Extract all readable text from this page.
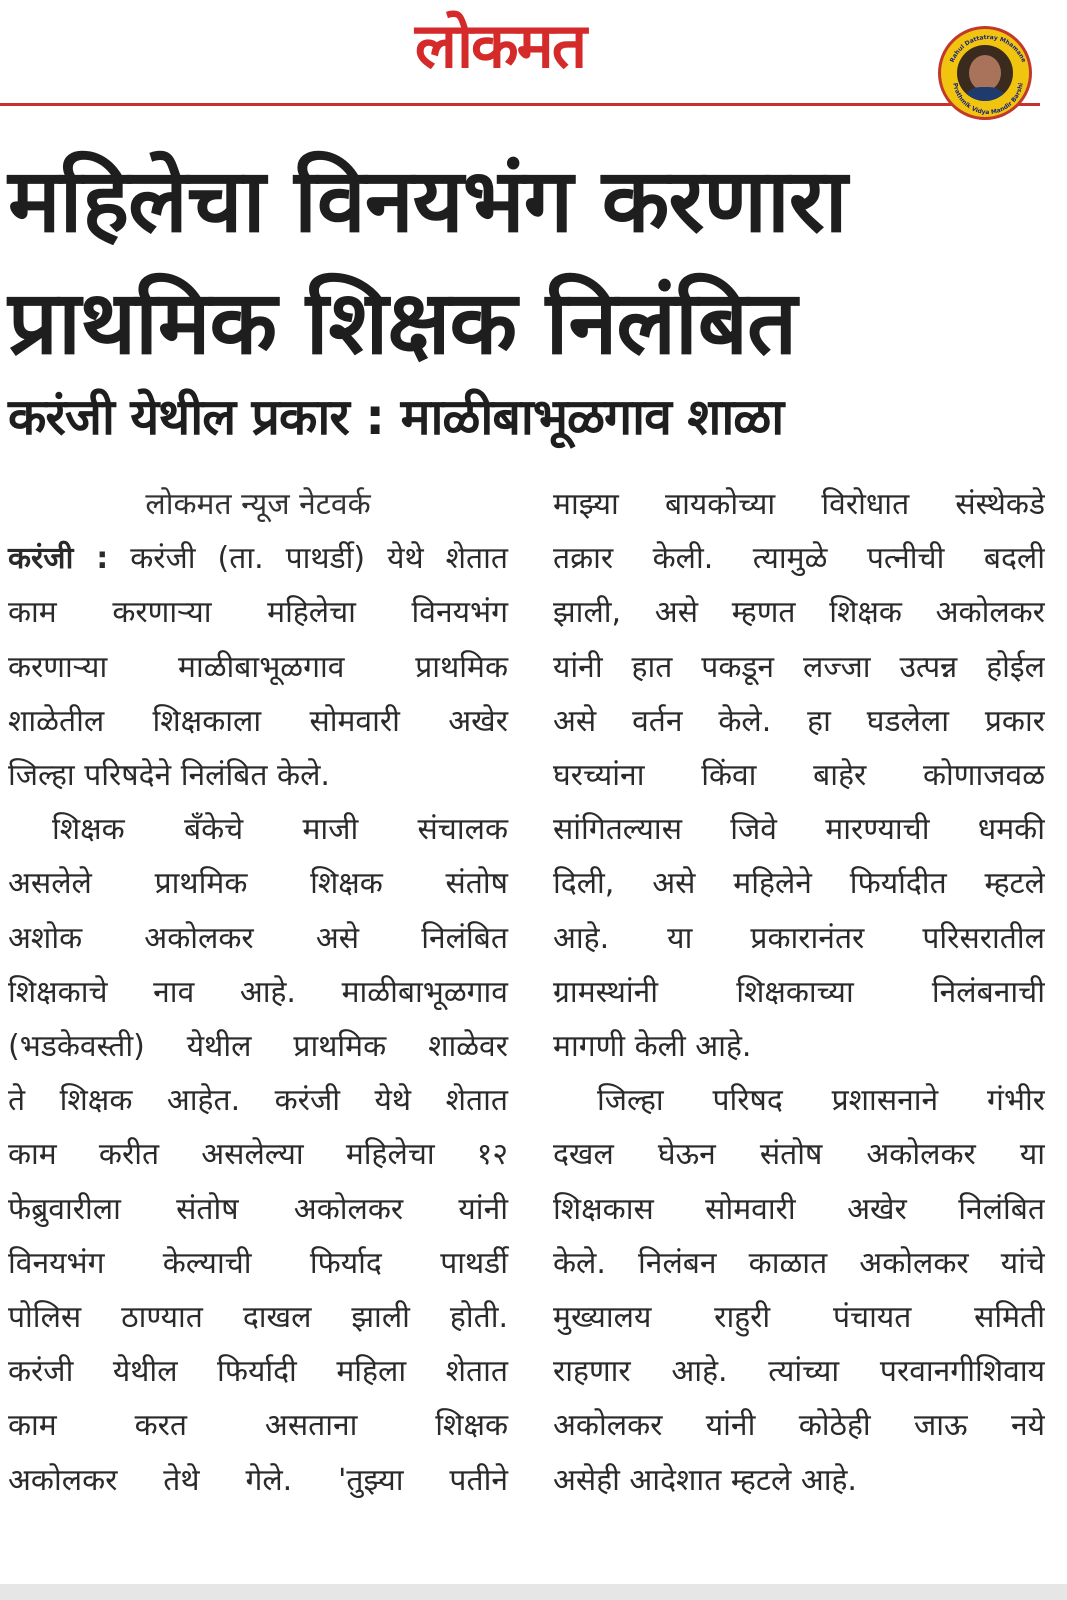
लोकमत	Rahul Dattatray Mhamane
Prathmik Vidya Mandir Barshi
महिलेचा विनयभंग करणारा
प्राथमिक शिक्षक निलंबित
करंजी येथील प्रकार : माळीबाभूळगाव शाळा
लोकमत न्यूज नेटवर्क
करंजी : करंजी (ता. पाथर्डी) येथे शेतात
काम करणाऱ्या महिलेचा विनयभंग
करणाऱ्या माळीबाभूळगाव प्राथमिक
शाळेतील शिक्षकाला सोमवारी अखेर
जिल्हा परिषदेने निलंबित केले.
शिक्षक बँकेचे माजी संचालक
असलेले प्राथमिक शिक्षक संतोष
अशोक अकोलकर असे निलंबित
शिक्षकाचे नाव आहे. माळीबाभूळगाव
(भडकेवस्ती) येथील प्राथमिक शाळेवर
ते शिक्षक आहेत. करंजी येथे शेतात
काम करीत असलेल्या महिलेचा १२
फेब्रुवारीला संतोष अकोलकर यांनी
विनयभंग केल्याची फिर्याद पाथर्डी
पोलिस ठाण्यात दाखल झाली होती.
करंजी येथील फिर्यादी महिला शेतात
काम करत असताना शिक्षक
अकोलकर तेथे गेले. 'तुझ्या पतीने
माझ्या बायकोच्या विरोधात संस्थेकडे
तक्रार केली. त्यामुळे पत्नीची बदली
झाली, असे म्हणत शिक्षक अकोलकर
यांनी हात पकडून लज्जा उत्पन्न होईल
असे वर्तन केले. हा घडलेला प्रकार
घरच्यांना किंवा बाहेर कोणाजवळ
सांगितल्यास जिवे मारण्याची धमकी
दिली, असे महिलेने फिर्यादीत म्हटले
आहे. या प्रकारानंतर परिसरातील
ग्रामस्थांनी शिक्षकाच्या निलंबनाची
मागणी केली आहे.
जिल्हा परिषद प्रशासनाने गंभीर
दखल घेऊन संतोष अकोलकर या
शिक्षकास सोमवारी अखेर निलंबित
केले. निलंबन काळात अकोलकर यांचे
मुख्यालय राहुरी पंचायत समिती
राहणार आहे. त्यांच्या परवानगीशिवाय
अकोलकर यांनी कोठेही जाऊ नये
असेही आदेशात म्हटले आहे.
